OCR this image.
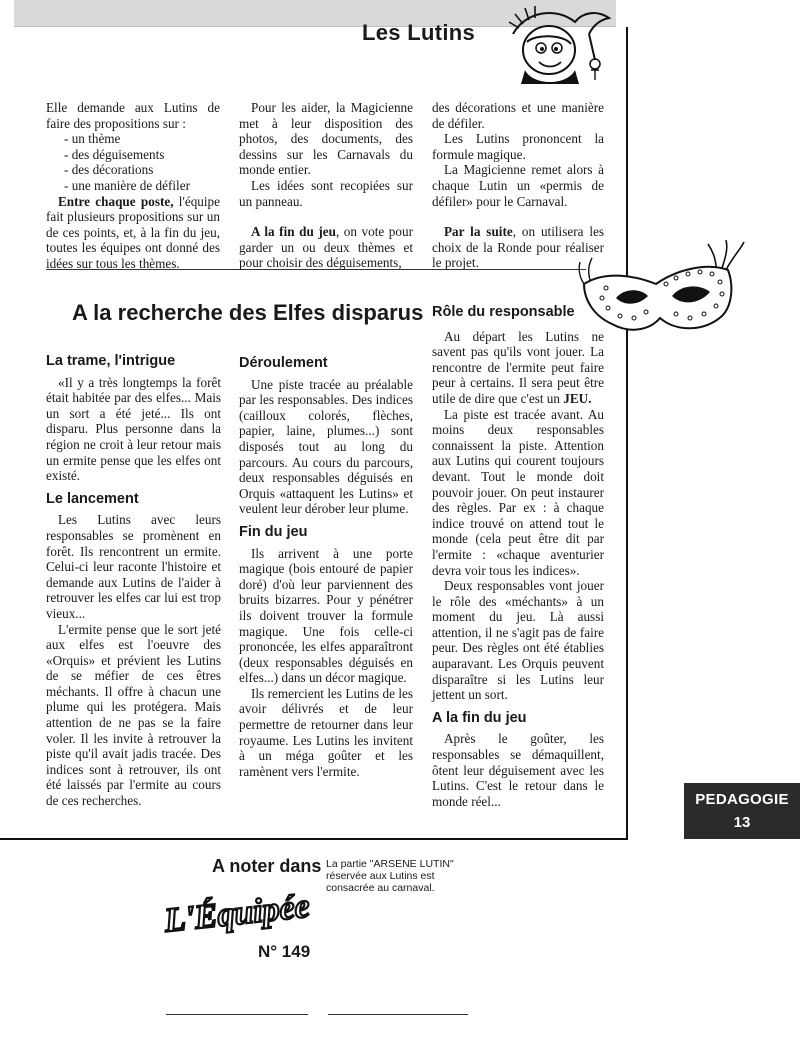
Les Lutins

Elle demande aux Lutins de faire des propositions sur :

- un thème
- des déguisements
- des décorations
- une manière de défiler

Entre chaque poste, l'équipe fait plusieurs propositions sur un de ces points, et, à la fin du jeu, toutes les équipes ont donné des idées sur tous les thèmes.

Pour les aider, la Magicienne met à leur disposition des photos, des documents, des dessins sur les Carnavals du monde entier.

Les idées sont recopiées sur un panneau.

A la fin du jeu, on vote pour garder un ou deux thèmes et pour choisir des déguisements,

des décorations et une manière de défiler.

Les Lutins prononcent la formule magique.

La Magicienne remet alors à chaque Lutin un «permis de défiler» pour le Carnaval.

Par la suite, on utilisera les choix de la Ronde pour réaliser le projet.

A la recherche des Elfes disparus
La trame, l'intrigue

«Il y a très longtemps la forêt était habitée par des elfes... Mais un sort a été jeté... Ils ont disparu. Plus personne dans la région ne croit à leur retour mais un ermite pense que les elfes ont existé.

Le lancement

Les Lutins avec leurs responsables se promènent en forêt. Ils rencontrent un ermite. Celui-ci leur raconte l'histoire et demande aux Lutins de l'aider à retrouver les elfes car lui est trop vieux...

L'ermite pense que le sort jeté aux elfes est l'oeuvre des «Orquis» et prévient les Lutins de se méfier de ces êtres méchants. Il offre à chacun une plume qui les protégera. Mais attention de ne pas se la faire voler. Il les invite à retrouver la piste qu'il avait jadis tracée. Des indices sont à retrouver, ils ont été laissés par l'ermite au cours de ces recherches.

Déroulement

Une piste tracée au préalable par les responsables. Des indices (cailloux colorés, flèches, papier, laine, plumes...) sont disposés tout au long du parcours. Au cours du parcours, deux responsables déguisés en Orquis «attaquent les Lutins» et veulent leur dérober leur plume.

Fin du jeu

Ils arrivent à une porte magique (bois entouré de papier doré) d'où leur parviennent des bruits bizarres. Pour y pénétrer ils doivent trouver la formule magique. Une fois celle-ci prononcée, les elfes apparaîtront (deux responsables déguisés en elfes...) dans un décor magique.

Ils remercient les Lutins de les avoir délivrés et de leur permettre de retourner dans leur royaume. Les Lutins les invitent à un méga goûter et les ramènent vers l'ermite.

Rôle du responsable

Au départ les Lutins ne savent pas qu'ils vont jouer. La rencontre de l'ermite peut faire peur à certains. Il sera peut être utile de dire que c'est un JEU.

La piste est tracée avant. Au moins deux responsables connaissent la piste. Attention aux Lutins qui courent toujours devant. Tout le monde doit pouvoir jouer. On peut instaurer des règles. Par ex : à chaque indice trouvé on attend tout le monde (cela peut être dit par l'ermite : «chaque aventurier devra voir tous les indices».

Deux responsables vont jouer le rôle des «méchants» à un moment du jeu. Là aussi attention, il ne s'agit pas de faire peur. Des règles ont été établies auparavant. Les Orquis peuvent disparaître si les Lutins leur jettent un sort.

A la fin du jeu

Après le goûter, les responsables se démaquillent, ôtent leur déguisement avec les Lutins. C'est le retour dans le monde réel...	PEDAGOGIE
13
A noter dans
L'Équipée
N° 149
La partie "ARSENE LUTIN" réservée aux Lutins est consacrée au carnaval.
